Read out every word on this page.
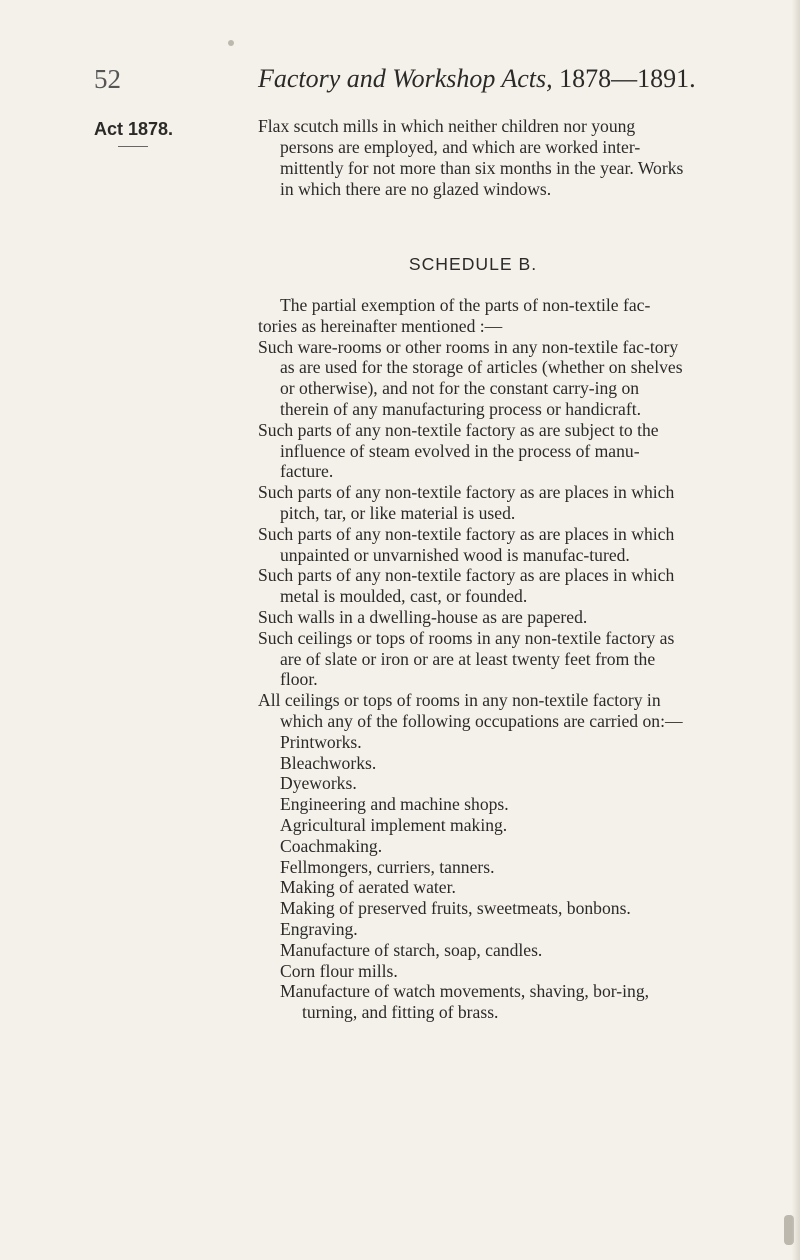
52	Factory and Workshop Acts, 1878—1891.
Act 1878.	Flax scutch mills in which neither children nor young persons are employed, and which are worked inter-mittently for not more than six months in the year. Works in which there are no glazed windows.

SCHEDULE B.

The partial exemption of the parts of non-textile fac-tories as hereinafter mentioned :—

Such ware-rooms or other rooms in any non-textile fac-tory as are used for the storage of articles (whether on shelves or otherwise), and not for the constant carry-ing on therein of any manufacturing process or handicraft.

Such parts of any non-textile factory as are subject to the influence of steam evolved in the process of manu-facture.

Such parts of any non-textile factory as are places in which pitch, tar, or like material is used.

Such parts of any non-textile factory as are places in which unpainted or unvarnished wood is manufac-tured.

Such parts of any non-textile factory as are places in which metal is moulded, cast, or founded.

Such walls in a dwelling-house as are papered.

Such ceilings or tops of rooms in any non-textile factory as are of slate or iron or are at least twenty feet from the floor.

All ceilings or tops of rooms in any non-textile factory in which any of the following occupations are carried on:—

Printworks.
Bleachworks.
Dyeworks.
Engineering and machine shops.
Agricultural implement making.
Coachmaking.
Fellmongers, curriers, tanners.
Making of aerated water.
Making of preserved fruits, sweetmeats, bonbons.
Engraving.
Manufacture of starch, soap, candles.
Corn flour mills.
Manufacture of watch movements, shaving, bor-ing, turning, and fitting of brass.
